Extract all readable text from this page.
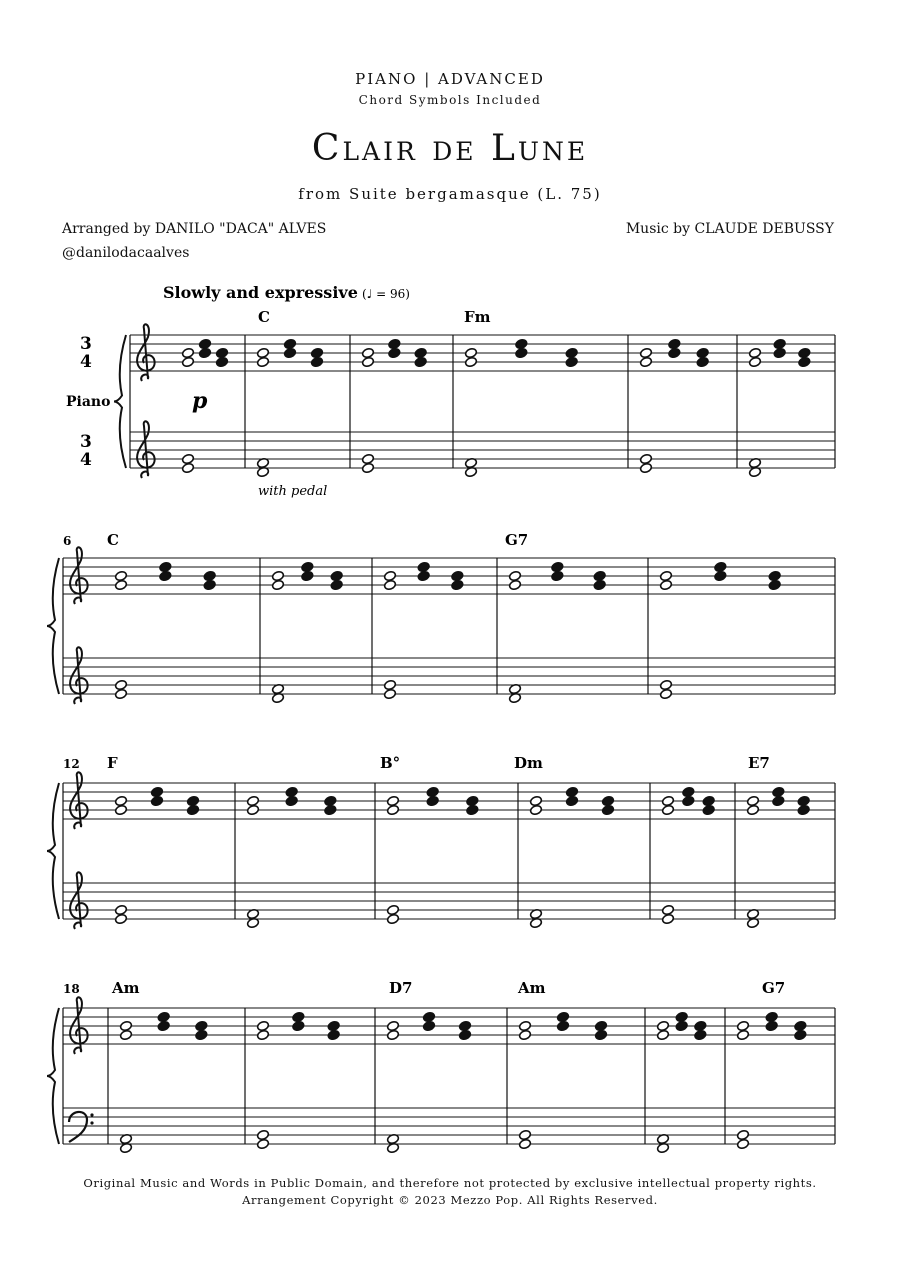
PIANO | ADVANCED
Chord Symbols Included
Clair de Lune
from Suite bergamasque (L. 75)
Arranged by DANILO "DACA" ALVES
@danilodacaalves
Music by CLAUDE DEBUSSY
Slowly and expressive (♩ = 96)
Piano	p
with pedal
3
4
3
4
6
12
18
C	Fm
C	G7
F	B°	Dm	E7
Am	D7	Am	G7
Original Music and Words in Public Domain, and therefore not protected by exclusive intellectual property rights.
Arrangement Copyright © 2023 Mezzo Pop. All Rights Reserved.
